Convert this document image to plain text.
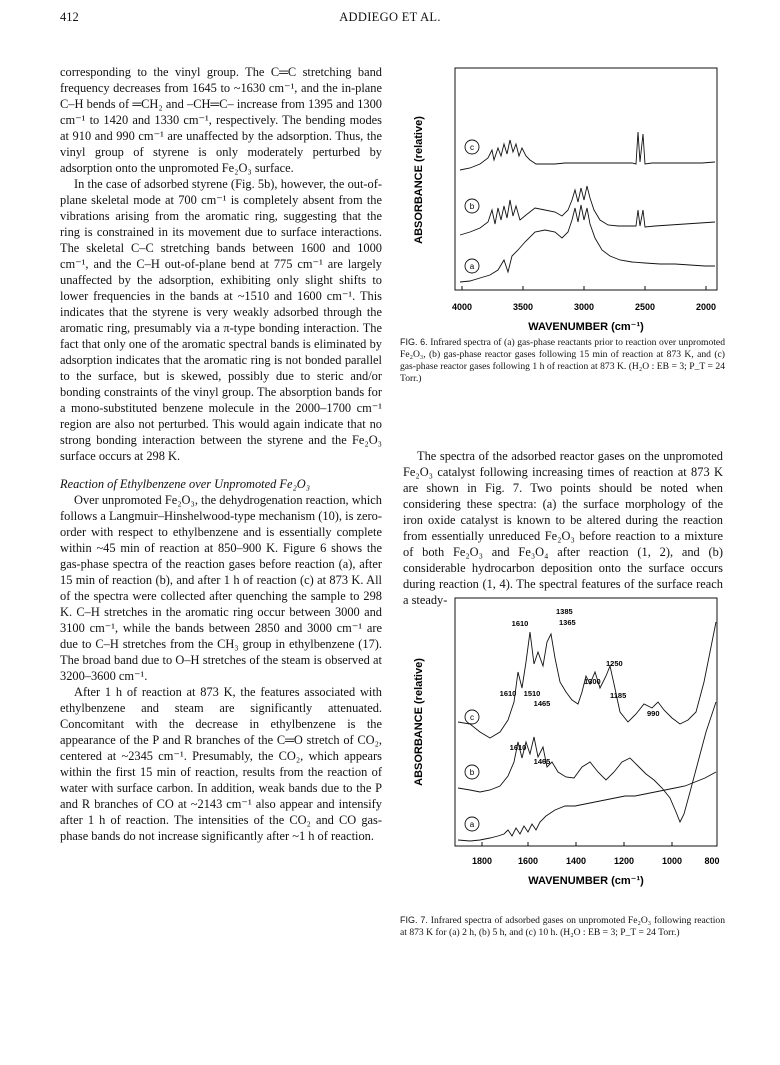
412	ADDIEGO ET AL.

corresponding to the vinyl group. The C═C stretching band frequency decreases from 1645 to ~1630 cm⁻¹, and the in-plane C–H bends of ═CH₂ and –CH═C– increase from 1395 and 1300 cm⁻¹ to 1420 and 1330 cm⁻¹, respectively. The bending modes at 910 and 990 cm⁻¹ are unaffected by the adsorption. Thus, the vinyl group of styrene is only moderately perturbed by adsorption onto the unpromoted Fe₂O₃ surface.

In the case of adsorbed styrene (Fig. 5b), however, the out-of-plane skeletal mode at 700 cm⁻¹ is completely absent from the vibrations arising from the aromatic ring, suggesting that the ring is constrained in its movement due to surface interactions. The skeletal C–C stretching bands between 1600 and 1000 cm⁻¹, and the C–H out-of-plane bend at 775 cm⁻¹ are largely unaffected by the adsorption, exhibiting only slight shifts to lower frequencies in the bands at ~1510 and 1600 cm⁻¹. This indicates that the styrene is very weakly adsorbed through the aromatic ring, presumably via a π-type bonding interaction. The fact that only one of the aromatic spectral bands is eliminated by adsorption indicates that the aromatic ring is not bonded parallel to the surface, but is skewed, possibly due to steric and/or bonding constraints of the vinyl group. The absorption bands for a mono-substituted benzene molecule in the 2000–1700 cm⁻¹ region are also not perturbed. This would again indicate that no strong bonding interaction between the styrene and the Fe₂O₃ surface occurs at 298 K.

Reaction of Ethylbenzene over Unpromoted Fe₂O₃

Over unpromoted Fe₂O₃, the dehydrogenation reaction, which follows a Langmuir–Hinshelwood-type mechanism (10), is zero-order with respect to ethylbenzene and is essentially complete within ~45 min of reaction at 850–900 K. Figure 6 shows the gas-phase spectra of the reaction gases before reaction (a), after 15 min of reaction (b), and after 1 h of reaction (c) at 873 K. All of the spectra were collected after quenching the sample to 298 K. C–H stretches in the aromatic ring occur between 3000 and 3100 cm⁻¹, while the bands between 2850 and 3000 cm⁻¹ are due to C–H stretches from the CH₃ group in ethylbenzene (17). The broad band due to O–H stretches of the steam is observed at 3200–3600 cm⁻¹.

After 1 h of reaction at 873 K, the features associated with ethylbenzene and steam are significantly attenuated. Concomitant with the decrease in ethylbenzene is the appearance of the P and R branches of the C═O stretch of CO₂, centered at ~2345 cm⁻¹. Presumably, the CO₂, which appears within the first 15 min of reaction, results from the reaction of water with surface carbon. In addition, weak bands due to the P and R branches of CO at ~2143 cm⁻¹ also appear and intensify after 1 h of reaction. The intensities of the CO₂ and CO gas-phase bands do not increase significantly after ~1 h of reaction.

ABSORBANCE (relative)
4000	3500	3000	2500	2000
WAVENUMBER (cm⁻¹)
c
b
a
FIG. 6. Infrared spectra of (a) gas-phase reactants prior to reaction over unpromoted Fe₂O₃, (b) gas-phase reactor gases following 15 min of reaction at 873 K, and (c) gas-phase reactor gases following 1 h of reaction at 873 K. (H₂O : EB = 3; P_T = 24 Torr.)

The spectra of the adsorbed reactor gases on the unpromoted Fe₂O₃ catalyst following increasing times of reaction at 873 K are shown in Fig. 7. Two points should be noted when considering these spectra: (a) the surface morphology of the iron oxide catalyst is known to be altered during the reaction from essentially unreduced Fe₂O₃ before reaction to a mixture of both Fe₂O₃ and Fe₃O₄ after reaction (1, 2), and (b) considerable hydrocarbon deposition onto the surface occurs during reaction (1, 4). The spectral features of the surface reach a steady-

ABSORBANCE (relative)
1800	1600	1400	1200	1000 800
WAVENUMBER (cm⁻¹)
c
b
a
1610
1385
1365
1250
1300
1610 1510
1465
1185
990
1610
1465
FIG. 7. Infrared spectra of adsorbed gases on unpromoted Fe₂O₃ following reaction at 873 K for (a) 2 h, (b) 5 h, and (c) 10 h. (H₂O : EB = 3; P_T = 24 Torr.)
